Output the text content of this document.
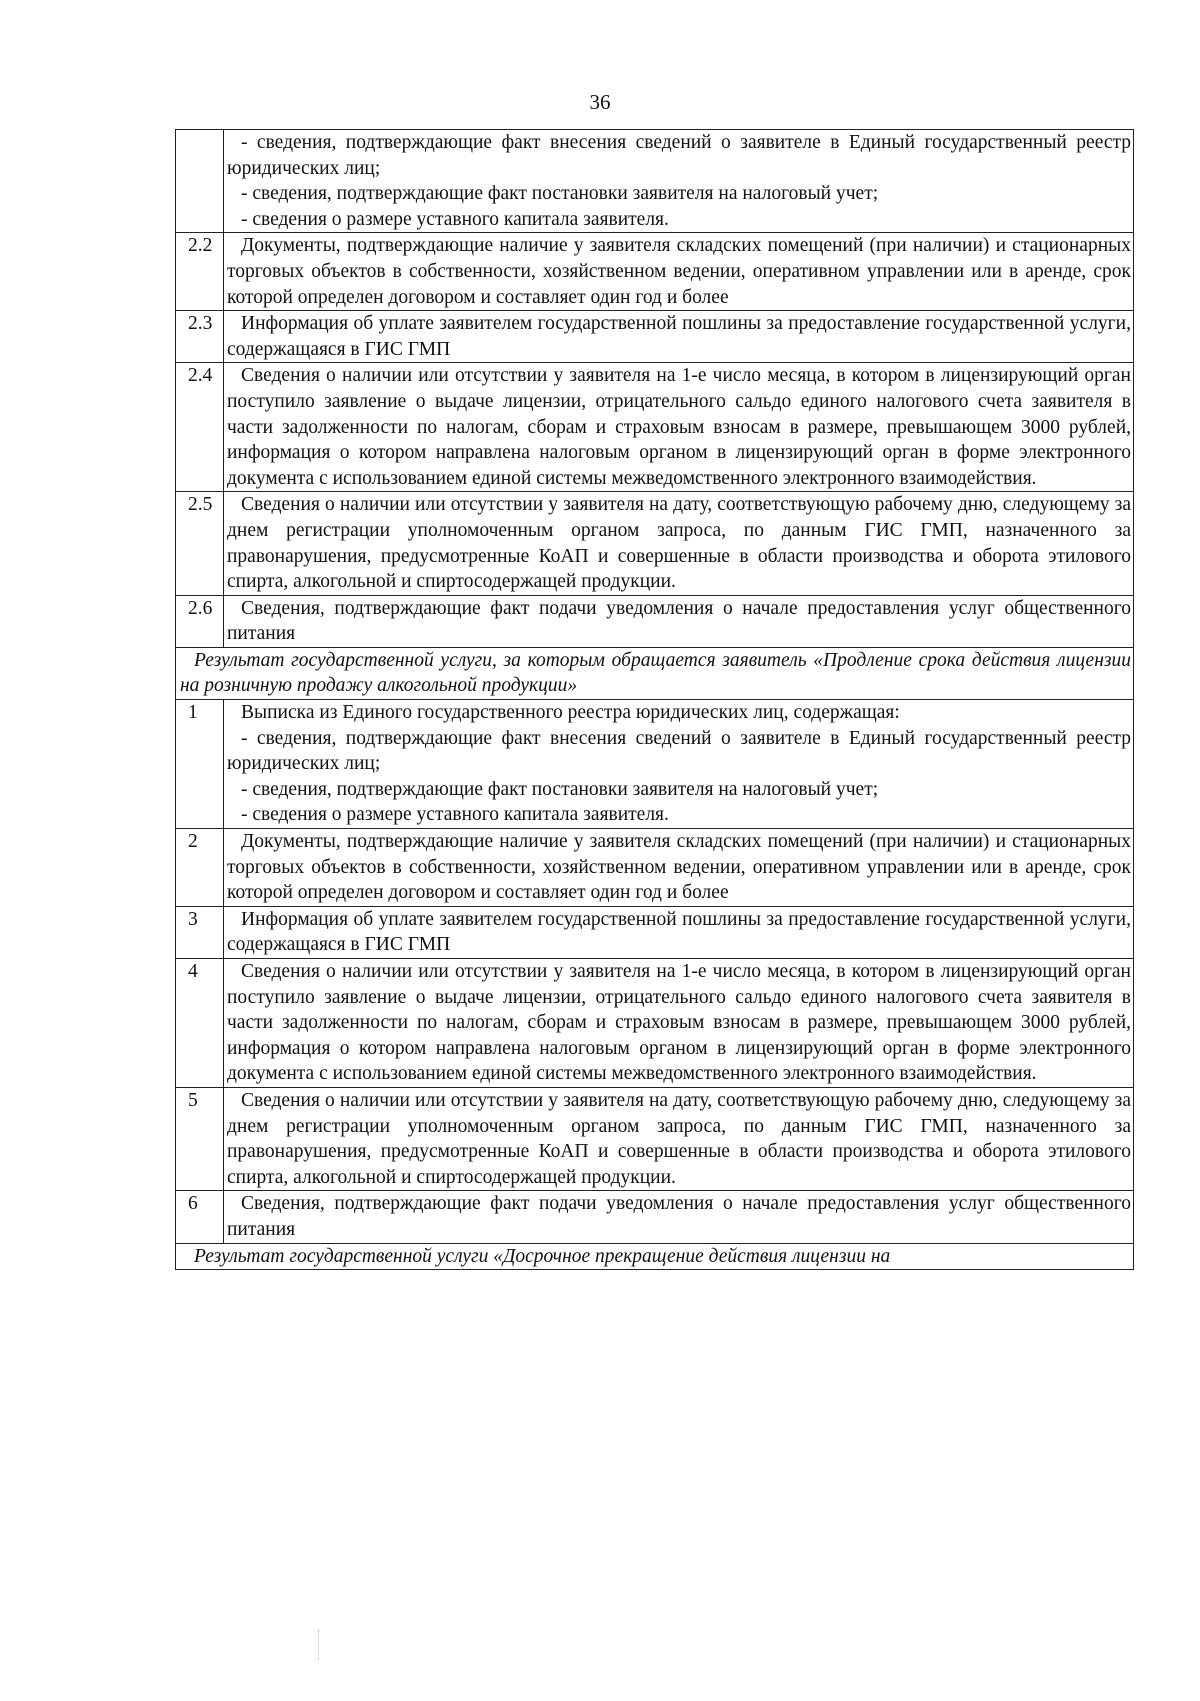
36

	- сведения, подтверждающие факт внесения сведений о заявителе в Единый государственный реестр юридических лиц;
- сведения, подтверждающие факт постановки заявителя на налоговый учет;
- сведения о размере уставного капитала заявителя.

2.2	Документы, подтверждающие наличие у заявителя складских помещений (при наличии) и стационарных торговых объектов в собственности, хозяйственном ведении, оперативном управлении или в аренде, срок которой определен договором и составляет один год и более

2.3	Информация об уплате заявителем государственной пошлины за предоставление государственной услуги, содержащаяся в ГИС ГМП

2.4	Сведения о наличии или отсутствии у заявителя на 1-е число месяца, в котором в лицензирующий орган поступило заявление о выдаче лицензии, отрицательного сальдо единого налогового счета заявителя в части задолженности по налогам, сборам и страховым взносам в размере, превышающем 3000 рублей, информация о котором направлена налоговым органом в лицензирующий орган в форме электронного документа с использованием единой системы межведомственного электронного взаимодействия.

2.5	Сведения о наличии или отсутствии у заявителя на дату, соответствующую рабочему дню, следующему за днем регистрации уполномоченным органом запроса, по данным ГИС ГМП, назначенного за правонарушения, предусмотренные КоАП и совершенные в области производства и оборота этилового спирта, алкогольной и спиртосодержащей продукции.

2.6	Сведения, подтверждающие факт подачи уведомления о начале предоставления услуг общественного питания

Результат государственной услуги, за которым обращается заявитель «Продление срока действия лицензии на розничную продажу алкогольной продукции»	

1	Выписка из Единого государственного реестра юридических лиц, содержащая:
- сведения, подтверждающие факт внесения сведений о заявителе в Единый государственный реестр юридических лиц;
- сведения, подтверждающие факт постановки заявителя на налоговый учет;
- сведения о размере уставного капитала заявителя.

2	Документы, подтверждающие наличие у заявителя складских помещений (при наличии) и стационарных торговых объектов в собственности, хозяйственном ведении, оперативном управлении или в аренде, срок которой определен договором и составляет один год и более

3	Информация об уплате заявителем государственной пошлины за предоставление государственной услуги, содержащаяся в ГИС ГМП

4	Сведения о наличии или отсутствии у заявителя на 1-е число месяца, в котором в лицензирующий орган поступило заявление о выдаче лицензии, отрицательного сальдо единого налогового счета заявителя в части задолженности по налогам, сборам и страховым взносам в размере, превышающем 3000 рублей, информация о котором направлена налоговым органом в лицензирующий орган в форме электронного документа с использованием единой системы межведомственного электронного взаимодействия.

5	Сведения о наличии или отсутствии у заявителя на дату, соответствующую рабочему дню, следующему за днем регистрации уполномоченным органом запроса, по данным ГИС ГМП, назначенного за правонарушения, предусмотренные КоАП и совершенные в области производства и оборота этилового спирта, алкогольной и спиртосодержащей продукции.

6	Сведения, подтверждающие факт подачи уведомления о начале предоставления услуг общественного питания

Результат государственной услуги «Досрочное прекращение действия лицензии на	
